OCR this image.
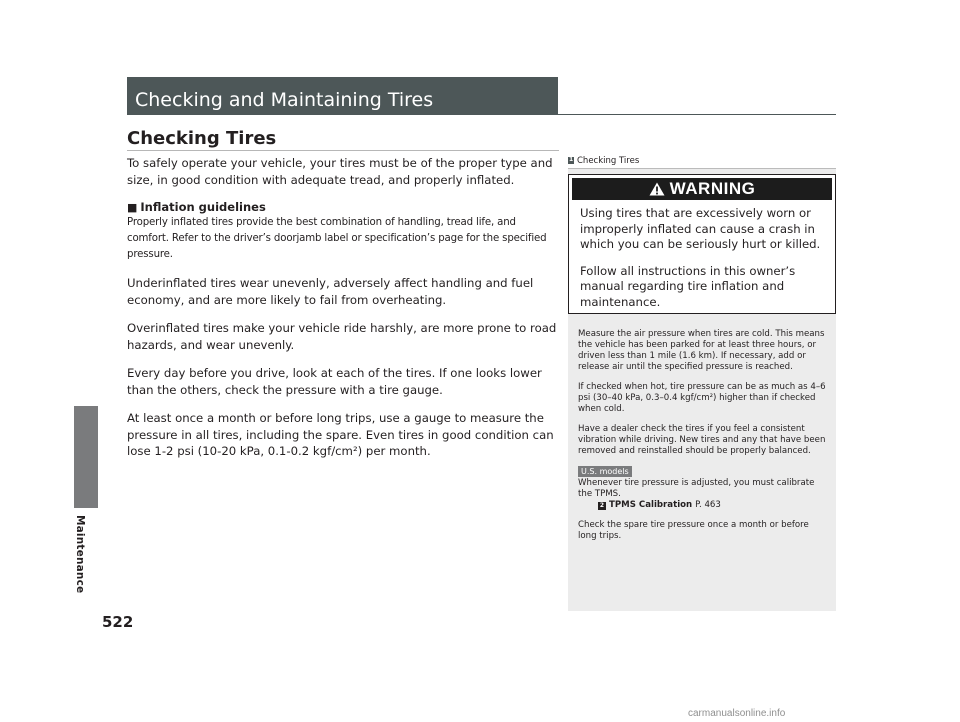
Maintenance
522
Checking and Maintaining Tires
Checking Tires

To safely operate your vehicle, your tires must be of the proper type and size, in good condition with adequate tread, and properly inflated.

■ Inflation guidelines

Properly inflated tires provide the best combination of handling, tread life, and comfort. Refer to the driver’s doorjamb label or specification’s page for the specified pressure.

Underinflated tires wear unevenly, adversely affect handling and fuel economy, and are more likely to fail from overheating.

Overinflated tires make your vehicle ride harshly, are more prone to road hazards, and wear unevenly.

Every day before you drive, look at each of the tires. If one looks lower than the others, check the pressure with a tire gauge.

At least once a month or before long trips, use a gauge to measure the pressure in all tires, including the spare. Even tires in good condition can lose 1-2 psi (10-20 kPa, 0.1-0.2 kgf/cm²) per month.

1 Checking Tires
WARNING

Using tires that are excessively worn or improperly inflated can cause a crash in which you can be seriously hurt or killed.

Follow all instructions in this owner’s manual regarding tire inflation and maintenance.

Measure the air pressure when tires are cold. This means the vehicle has been parked for at least three hours, or driven less than 1 mile (1.6 km). If necessary, add or release air until the specified pressure is reached.

If checked when hot, tire pressure can be as much as 4–6 psi (30–40 kPa, 0.3–0.4 kgf/cm²) higher than if checked when cold.

Have a dealer check the tires if you feel a consistent vibration while driving. New tires and any that have been removed and reinstalled should be properly balanced.

U.S. models
Whenever tire pressure is adjusted, you must calibrate the TPMS.
2 TPMS Calibration P. 463

Check the spare tire pressure once a month or before long trips.

carmanualsonline.info
